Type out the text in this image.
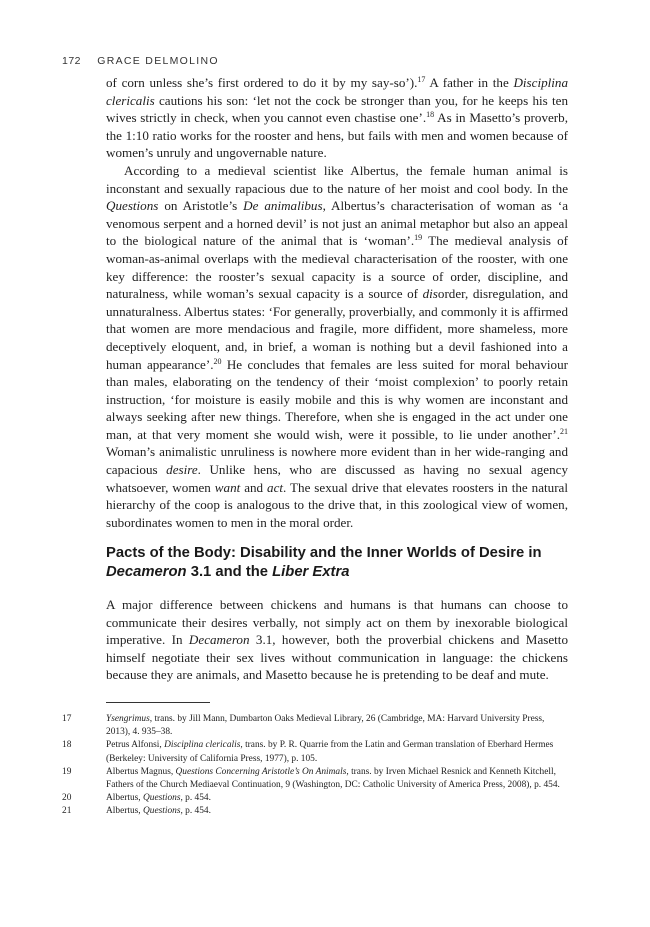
172 GRACE DELMOLINO

of corn unless she’s first ordered to do it by my say-so’).$^{17}$ A father in the Disciplina clericalis cautions his son: ‘let not the cock be stronger than you, for he keeps his ten wives strictly in check, when you cannot even chastise one’.$^{18}$ As in Masetto’s proverb, the 1:10 ratio works for the rooster and hens, but fails with men and women because of women’s unruly and ungovernable nature.

According to a medieval scientist like Albertus, the female human animal is inconstant and sexually rapacious due to the nature of her moist and cool body. In the Questions on Aristotle’s De animalibus, Albertus’s characterisation of woman as ‘a venomous serpent and a horned devil’ is not just an animal metaphor but also an appeal to the biological nature of the animal that is ‘woman’.$^{19}$ The medieval analysis of woman-as-animal overlaps with the medieval characterisation of the rooster, with one key difference: the rooster’s sexual capacity is a source of order, discipline, and naturalness, while woman’s sexual capacity is a source of disorder, disregulation, and unnaturalness. Albertus states: ‘For generally, proverbially, and commonly it is affirmed that women are more mendacious and fragile, more diffident, more shameless, more deceptively eloquent, and, in brief, a woman is nothing but a devil fashioned into a human appearance’.$^{20}$ He concludes that females are less suited for moral behaviour than males, elaborating on the tendency of their ‘moist complexion’ to poorly retain instruction, ‘for moisture is easily mobile and this is why women are inconstant and always seeking after new things. Therefore, when she is engaged in the act under one man, at that very moment she would wish, were it possible, to lie under another’.$^{21}$ Woman’s animalistic unruliness is nowhere more evident than in her wide-ranging and capacious desire. Unlike hens, who are discussed as having no sexual agency whatsoever, women want and act. The sexual drive that elevates roosters in the natural hierarchy of the coop is analogous to the drive that, in this zoological view of women, subordinates women to men in the moral order.

Pacts of the Body: Disability and the Inner Worlds of Desire in Decameron 3.1 and the Liber Extra

A major difference between chickens and humans is that humans can choose to communicate their desires verbally, not simply act on them by inexorable biological imperative. In Decameron 3.1, however, both the proverbial chickens and Masetto himself negotiate their sex lives without communication in language: the chickens because they are animals, and Masetto because he is pretending to be deaf and mute.

17	Ysengrimus, trans. by Jill Mann, Dumbarton Oaks Medieval Library, 26 (Cambridge, MA: Harvard University Press, 2013), 4. 935–38.
18	Petrus Alfonsi, Disciplina clericalis, trans. by P. R. Quarrie from the Latin and German translation of Eberhard Hermes (Berkeley: University of California Press, 1977), p. 105.
19	Albertus Magnus, Questions Concerning Aristotle’s On Animals, trans. by Irven Michael Resnick and Kenneth Kitchell, Fathers of the Church Mediaeval Continuation, 9 (Washington, DC: Catholic University of America Press, 2008), p. 454.
20	Albertus, Questions, p. 454.
21	Albertus, Questions, p. 454.
